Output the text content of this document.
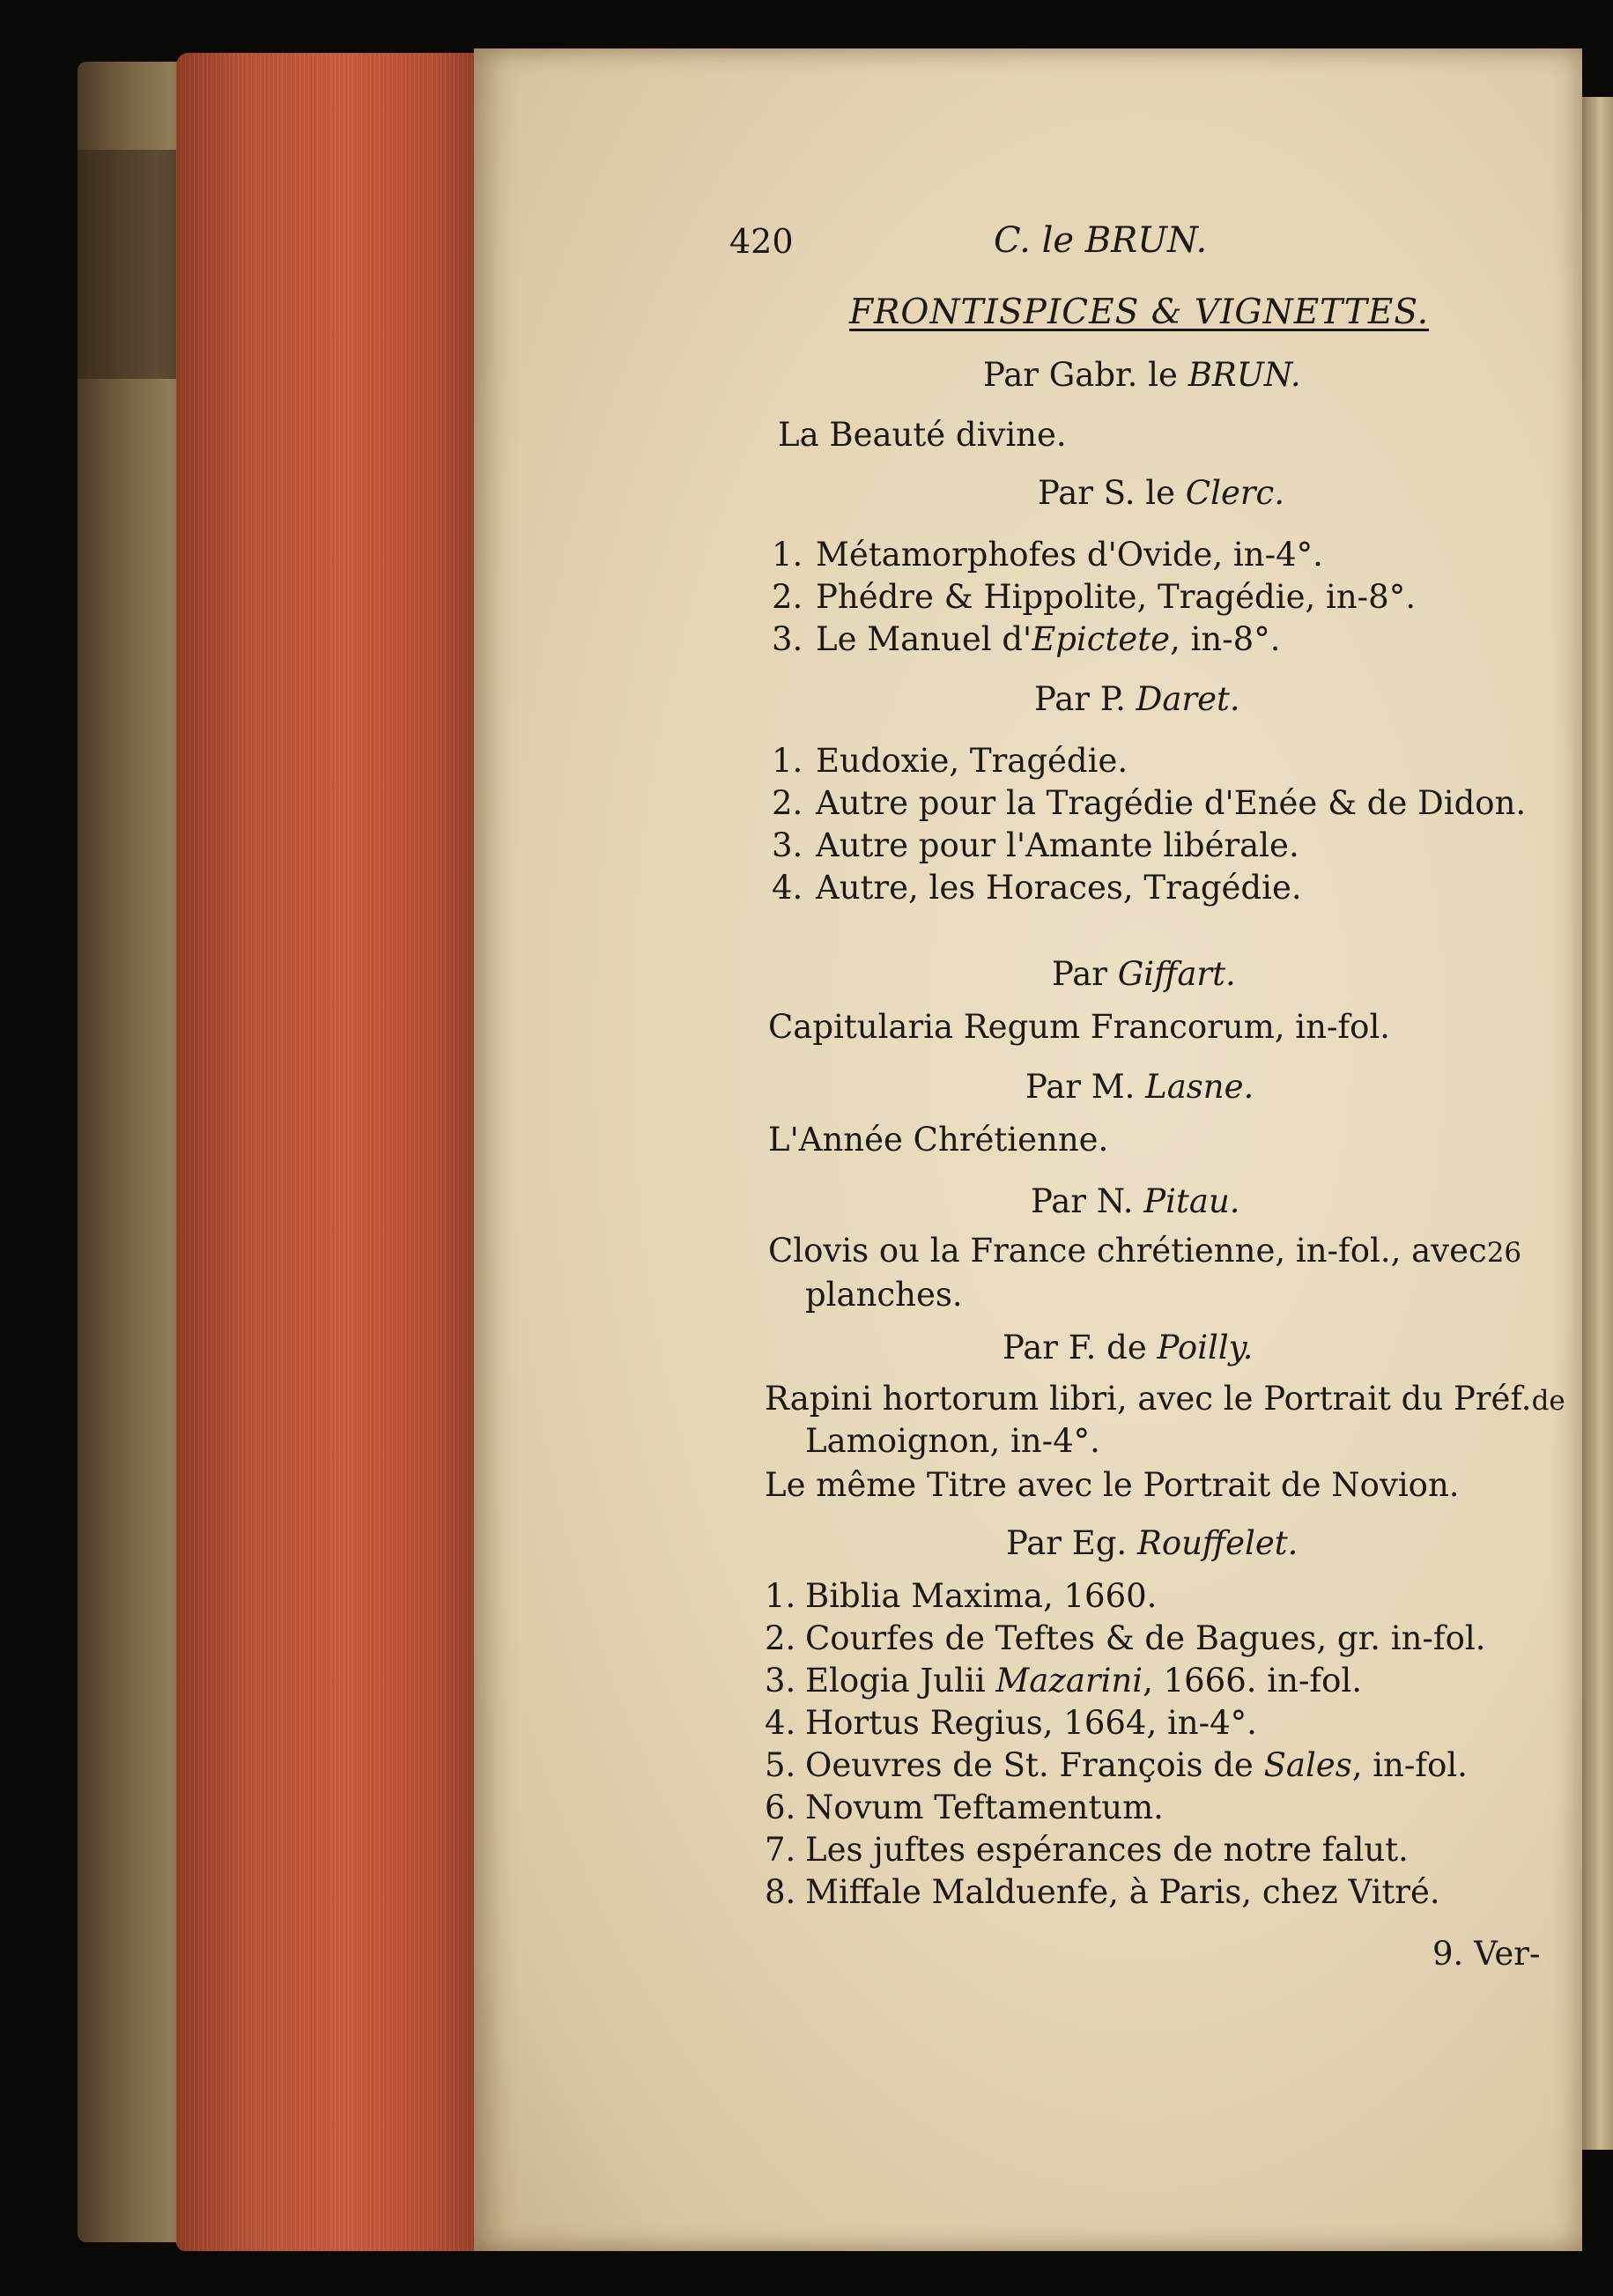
420	C. le BRUN.
FRONTISPICES & VIGNETTES.
Par Gabr. le BRUN.
La Beauté divine.
Par S. le Clerc.
1. Métamorphofes d'Ovide, in-4°.
2. Phédre & Hippolite, Tragédie, in-8°.
3. Le Manuel d'Epictete, in-8°.
Par P. Daret.
1. Eudoxie, Tragédie.
2. Autre pour la Tragédie d'Enée & de Didon.
3. Autre pour l'Amante libérale.
4. Autre, les Horaces, Tragédie.
Par Giffart.
Capitularia Regum Francorum, in-fol.
Par M. Lasne.
L'Année Chrétienne.
Par N. Pitau.
Clovis ou la France chrétienne, in-fol., avec26
planches.
Par F. de Poilly.
Rapini hortorum libri, avec le Portrait du Préf.de
Lamoignon, in-4°.
Le même Titre avec le Portrait de Novion.
Par Eg. Rouffelet.
1. Biblia Maxima, 1660.
2. Courfes de Teftes & de Bagues, gr. in-fol.
3. Elogia Julii Mazarini, 1666. in-fol.
4. Hortus Regius, 1664, in-4°.
5. Oeuvres de St. François de Sales, in-fol.
6. Novum Teftamentum.
7. Les juftes espérances de notre falut.
8. Miffale Malduenfe, à Paris, chez Vitré.
9. Ver-
